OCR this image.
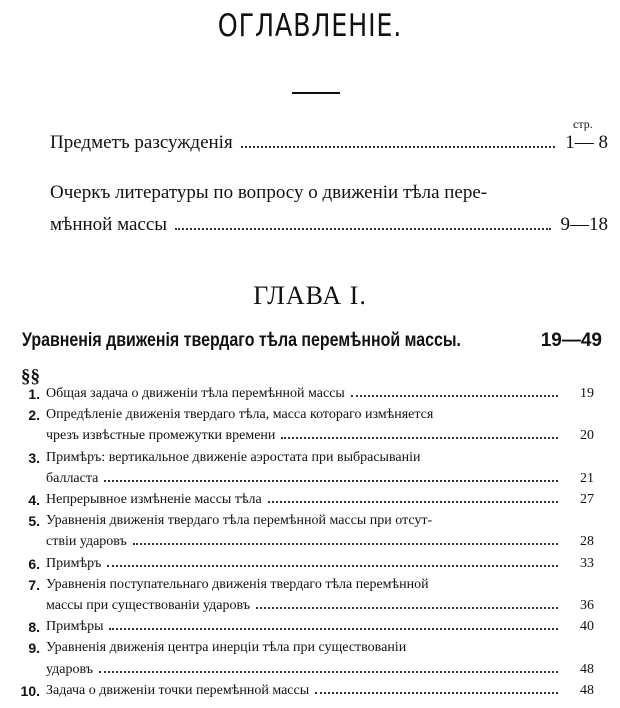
ОГЛАВЛЕНІЕ.
стр.
Предметъ разсужденія	1— 8
Очеркъ литературы по вопросу о движеніи тѣла пере-
мѣнной массы	9—18
ГЛАВА I.
Уравненія движенія твердаго тѣла перемѣнной массы.	19—49
§§
1. Общая задача о движеніи тѣла перемѣнной массы	19
2. Опредѣленіе движенія твердаго тѣла, масса котораго измѣняется
чрезъ извѣстные промежутки времени	20
3. Примѣръ: вертикальное движеніе аэростата при выбрасываніи
балласта	21
4. Непрерывное измѣненіе массы тѣла	27
5. Уравненія движенія твердаго тѣла перемѣнной массы при отсут-
ствіи ударовъ	28
6. Примѣръ	33
7. Уравненія поступательнаго движенія твердаго тѣла перемѣнной
массы при существованіи ударовъ	36
8. Примѣры	40
9. Уравненія движенія центра инерціи тѣла при существованіи
ударовъ	48
10. Задача о движеніи точки перемѣнной массы	48
